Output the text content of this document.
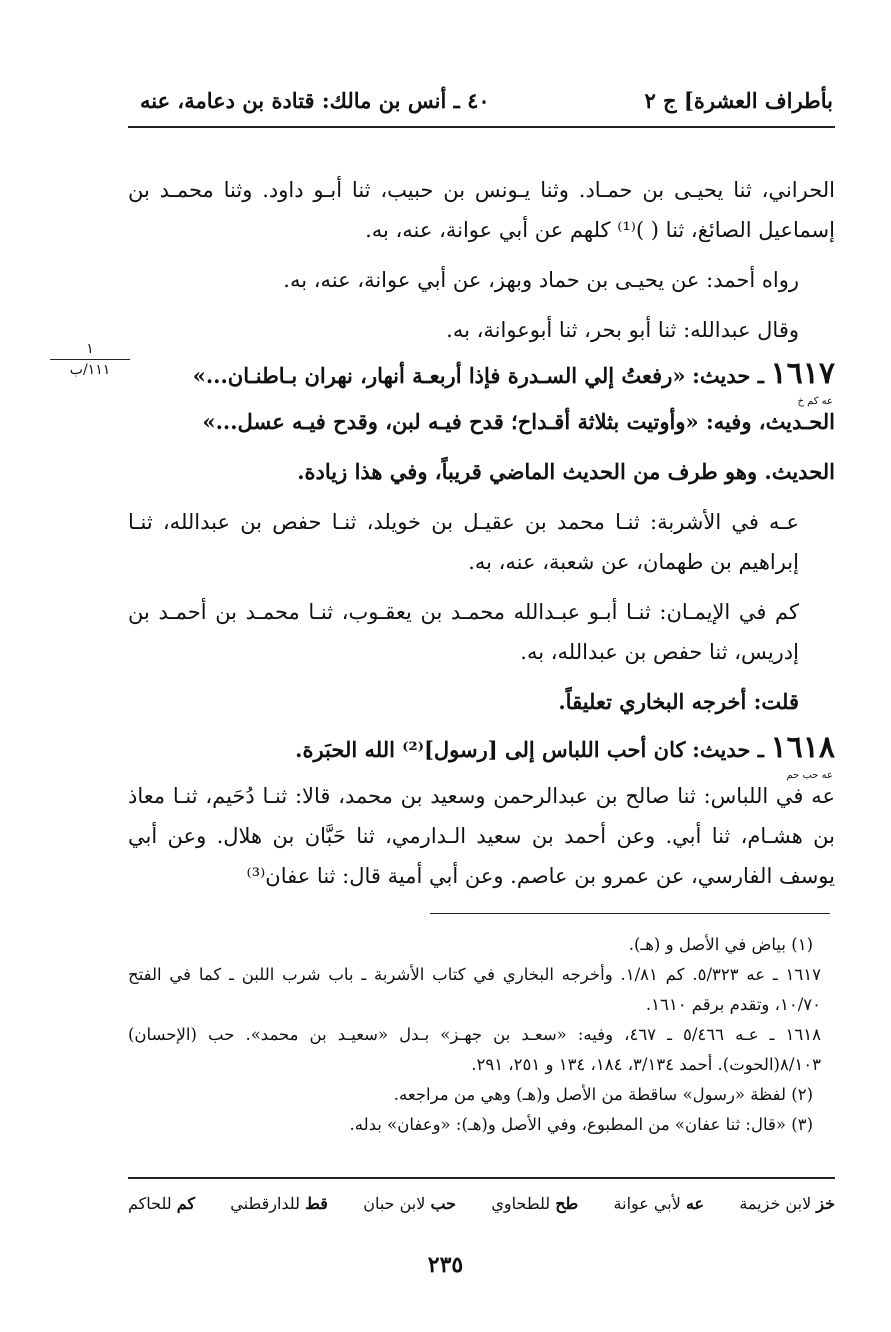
بأطراف العشرة] ج ٢
٤٠ ـ أنس بن مالك: قتادة بن دعامة، عنه
١
١١١/ب

الحراني، ثنا يحيـى بن حمـاد. وثنا يـونس بن حبيب، ثنا أبـو داود. وثنا محمـد بن إسماعيل الصائغ، ثنا ( )⁽¹⁾ كلهم عن أبي عوانة، عنه، به.

رواه أحمد: عن يحيـى بن حماد وبهز، عن أبي عوانة، عنه، به.

وقال عبدالله: ثنا أبو بحر، ثنا أبوعوانة، به.

١٦١٧ ـ حديث: «رفعتُ إلي السـدرة فإذا أربعـة أنهار، نهران بـاطنـان...»

عه كم خ

الحـديث، وفيه: «وأوتيت بثلاثة أقـداح؛ قدح فيـه لبن، وقدح فيـه عسل...»

الحديث. وهو طرف من الحديث الماضي قريباً، وفي هذا زيادة.

عـه في الأشربة: ثنـا محمد بن عقيـل بن خويلد، ثنـا حفص بن عبدالله، ثنـا إبراهيم بن طهمان، عن شعبة، عنه، به.

كم في الإيمـان: ثنـا أبـو عبـدالله محمـد بن يعقـوب، ثنـا محمـد بن أحمـد بن إدريس، ثنا حفص بن عبدالله، به.

قلت: أخرجه البخاري تعليقاً.

١٦١٨ ـ حديث: كان أحب اللباس إلى [رسول]⁽²⁾ الله الحبَرة.

عه حب حم

عه في اللباس: ثنا صالح بن عبدالرحمن وسعيد بن محمد، قالا: ثنـا دُحَيم، ثنـا معاذ بن هشـام، ثنا أبي. وعن أحمد بن سعيد الـدارمي، ثنا حَبَّان بن هلال. وعن أبي يوسف الفارسي، عن عمرو بن عاصم. وعن أبي أمية قال: ثنا عفان⁽³⁾

(١) بياض في الأصل و (هـ).

١٦١٧ ـ عه ٥/٣٢٣. كم ١/٨١. وأخرجه البخاري في كتاب الأشربة ـ باب شرب اللبن ـ كما في الفتح ١٠/٧٠، وتقدم برقم ١٦١٠.

١٦١٨ ـ عـه ٥/٤٦٦ ـ ٤٦٧، وفيه: «سعـد بن جهـز» بـدل «سعيـد بن محمد». حب (الإحسان) ٨/١٠٣(الحوت). أحمد ٣/١٣٤، ١٨٤، ١٣٤ و ٢٥١، ٢٩١.

(٢) لفظة «رسول» ساقطة من الأصل و(هـ) وهي من مراجعه.

(٣) «قال: ثنا عفان» من المطبوع، وفي الأصل و(هـ): «وعفان» بدله.

خز لابن خزيمة
عه لأبي عوانة
طح للطحاوي
حب لابن حبان
قط للدارقطني
كم للحاكم
٢٣٥
